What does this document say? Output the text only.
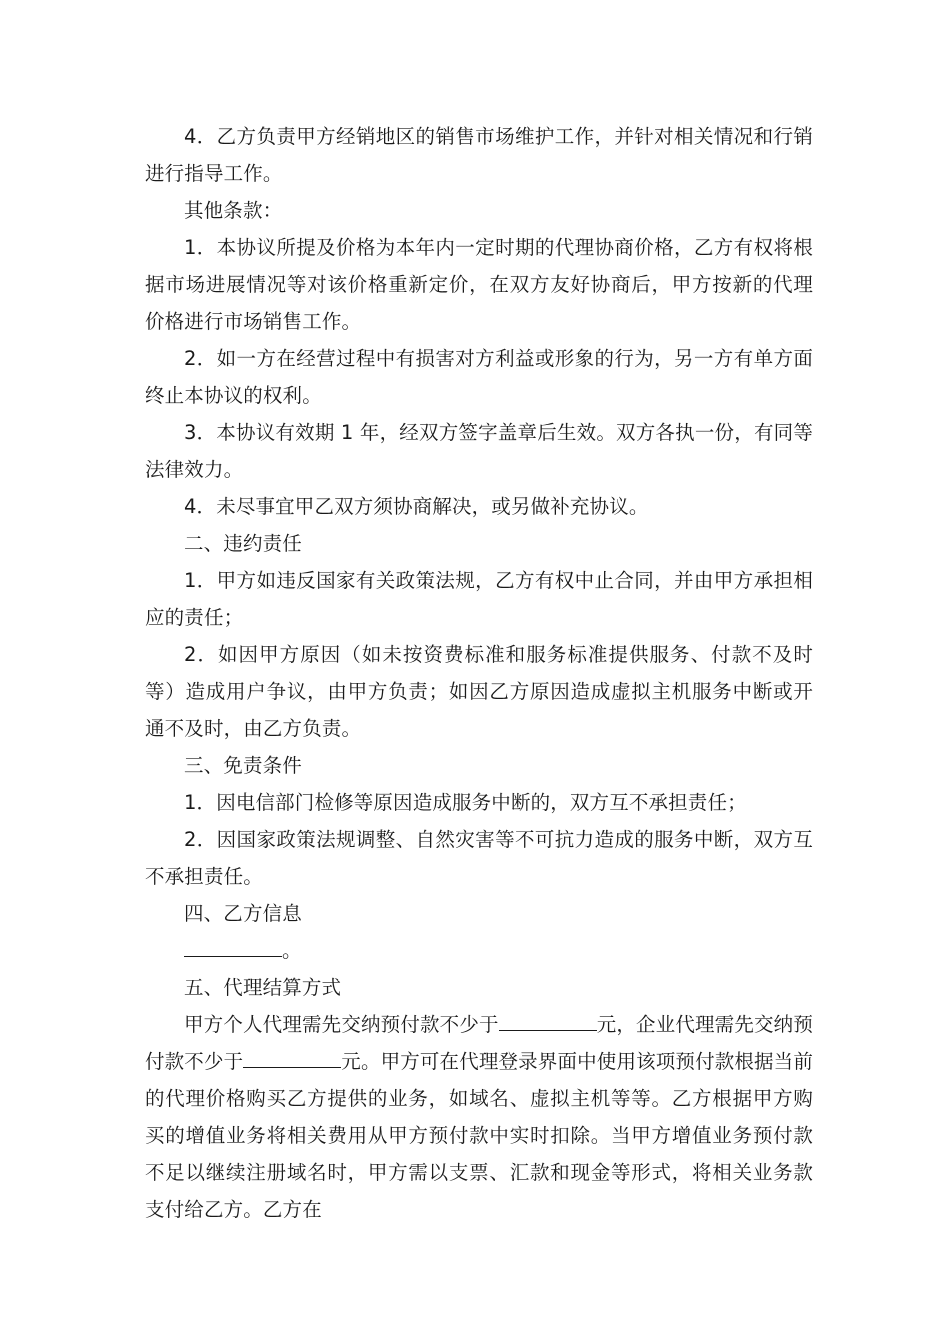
4．乙方负责甲方经销地区的销售市场维护工作，并针对相关情况和行销进行指导工作。

其他条款：

1．本协议所提及价格为本年内一定时期的代理协商价格，乙方有权将根据市场进展情况等对该价格重新定价，在双方友好协商后，甲方按新的代理价格进行市场销售工作。

2．如一方在经营过程中有损害对方利益或形象的行为，另一方有单方面终止本协议的权利。

3．本协议有效期 1 年，经双方签字盖章后生效。双方各执一份，有同等法律效力。

4．未尽事宜甲乙双方须协商解决，或另做补充协议。

二、违约责任

1．甲方如违反国家有关政策法规，乙方有权中止合同，并由甲方承担相应的责任；

2．如因甲方原因（如未按资费标准和服务标准提供服务、付款不及时等）造成用户争议，由甲方负责；如因乙方原因造成虚拟主机服务中断或开通不及时，由乙方负责。

三、免责条件

1．因电信部门检修等原因造成服务中断的，双方互不承担责任；

2．因国家政策法规调整、自然灾害等不可抗力造成的服务中断，双方互不承担责任。

四、乙方信息

。

五、代理结算方式

甲方个人代理需先交纳预付款不少于	元，企业代理需先交纳预付款不少于	元。甲方可在代理登录界面中使用该项预付款根据当前的代理价格购买乙方提供的业务，如域名、虚拟主机等等。乙方根据甲方购买的增值业务将相关费用从甲方预付款中实时扣除。当甲方增值业务预付款不足以继续注册域名时，甲方需以支票、汇款和现金等形式，将相关业务款支付给乙方。乙方在
